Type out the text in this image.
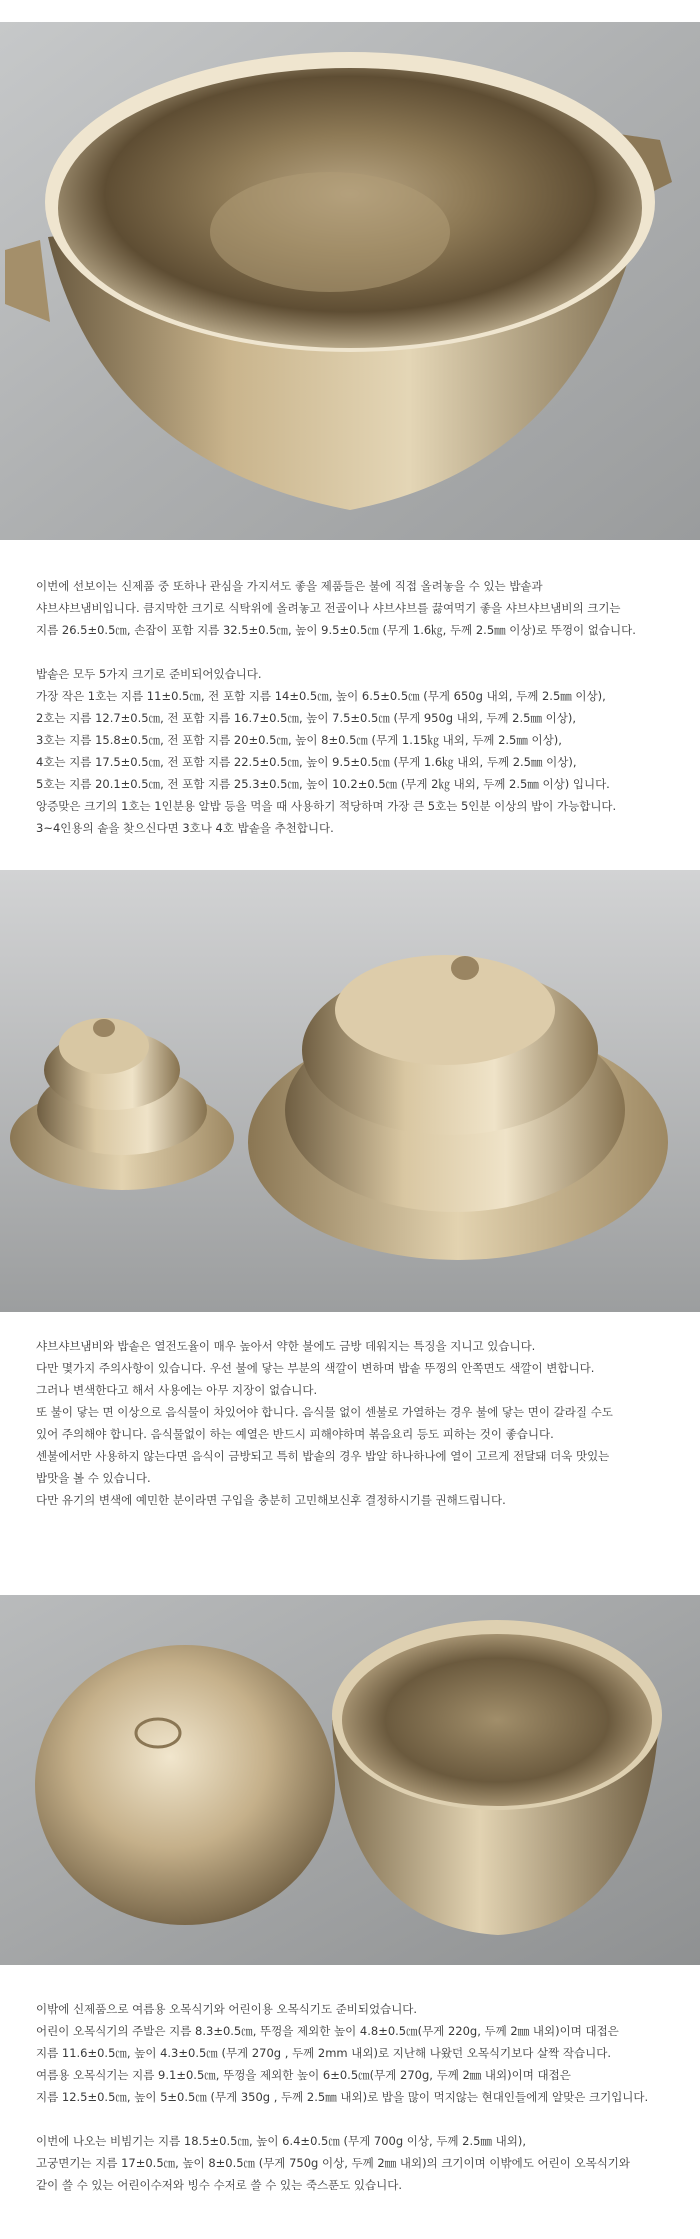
이번에 선보이는 신제품 중 또하나 관심을 가지셔도 좋을 제품들은 불에 직접 올려놓을 수 있는 밥솥과

샤브샤브냄비입니다. 큼지막한 크기로 식탁위에 올려놓고 전골이나 샤브샤브를 끓여먹기 좋을 샤브샤브냄비의 크기는

지름 26.5±0.5㎝, 손잡이 포함 지름 32.5±0.5㎝, 높이 9.5±0.5㎝ (무게 1.6㎏, 두께 2.5㎜ 이상)로 뚜껑이 없습니다.

밥솥은 모두 5가지 크기로 준비되어있습니다.

가장 작은 1호는 지름 11±0.5㎝, 전 포함 지름 14±0.5㎝, 높이 6.5±0.5㎝ (무게 650g 내외, 두께 2.5㎜ 이상),

2호는 지름 12.7±0.5㎝, 전 포함 지름 16.7±0.5㎝, 높이 7.5±0.5㎝ (무게 950g 내외, 두께 2.5㎜ 이상),

3호는 지름 15.8±0.5㎝, 전 포함 지름 20±0.5㎝, 높이 8±0.5㎝ (무게 1.15㎏ 내외, 두께 2.5㎜ 이상),

4호는 지름 17.5±0.5㎝, 전 포함 지름 22.5±0.5㎝, 높이 9.5±0.5㎝ (무게 1.6㎏ 내외, 두께 2.5㎜ 이상),

5호는 지름 20.1±0.5㎝, 전 포함 지름 25.3±0.5㎝, 높이 10.2±0.5㎝ (무게 2㎏ 내외, 두께 2.5㎜ 이상) 입니다.

앙증맞은 크기의 1호는 1인분용 알밥 등을 먹을 때 사용하기 적당하며 가장 큰 5호는 5인분 이상의 밥이 가능합니다.

3~4인용의 솥을 찾으신다면 3호나 4호 밥솥을 추천합니다.

샤브샤브냄비와 밥솥은 열전도율이 매우 높아서 약한 불에도 금방 데워지는 특징을 지니고 있습니다.

다만 몇가지 주의사항이 있습니다. 우선 불에 닿는 부분의 색깔이 변하며 밥솥 뚜껑의 안쪽면도 색깔이 변합니다.

그러나 변색한다고 해서 사용에는 아무 지장이 없습니다.

또 불이 닿는 면 이상으로 음식물이 차있어야 합니다. 음식물 없이 센불로 가열하는 경우 불에 닿는 면이 갈라질 수도

있어 주의해야 합니다. 음식물없이 하는 예열은 반드시 피해야하며 볶음요리 등도 피하는 것이 좋습니다.

센불에서만 사용하지 않는다면 음식이 금방되고 특히 밥솥의 경우 밥알 하나하나에 열이 고르게 전달돼 더욱 맛있는

밥맛을 볼 수 있습니다.

다만 유기의 변색에 예민한 분이라면 구입을 충분히 고민해보신후 결정하시기를 권해드립니다.

이밖에 신제품으로 여름용 오목식기와 어린이용 오목식기도 준비되었습니다.

어린이 오목식기의 주발은 지름 8.3±0.5㎝, 뚜껑을 제외한 높이 4.8±0.5㎝(무게 220g, 두께 2㎜ 내외)이며 대접은

지름 11.6±0.5㎝, 높이 4.3±0.5㎝ (무게 270g , 두께 2mm 내외)로 지난해 나왔던 오목식기보다 살짝 작습니다.

여름용 오목식기는 지름 9.1±0.5㎝, 뚜껑을 제외한 높이 6±0.5㎝(무게 270g, 두께 2㎜ 내외)이며 대접은

지름 12.5±0.5㎝, 높이 5±0.5㎝ (무게 350g , 두께 2.5㎜ 내외)로 밥을 많이 먹지않는 현대인들에게 알맞은 크기입니다.

이번에 나오는 비빔기는 지름 18.5±0.5㎝, 높이 6.4±0.5㎝ (무게 700g 이상, 두께 2.5㎜ 내외),

고궁면기는 지름 17±0.5㎝, 높이 8±0.5㎝ (무게 750g 이상, 두께 2㎜ 내외)의 크기이며 이밖에도 어린이 오목식기와

같이 쓸 수 있는 어린이수저와 빙수 수저로 쓸 수 있는 죽스푼도 있습니다.
